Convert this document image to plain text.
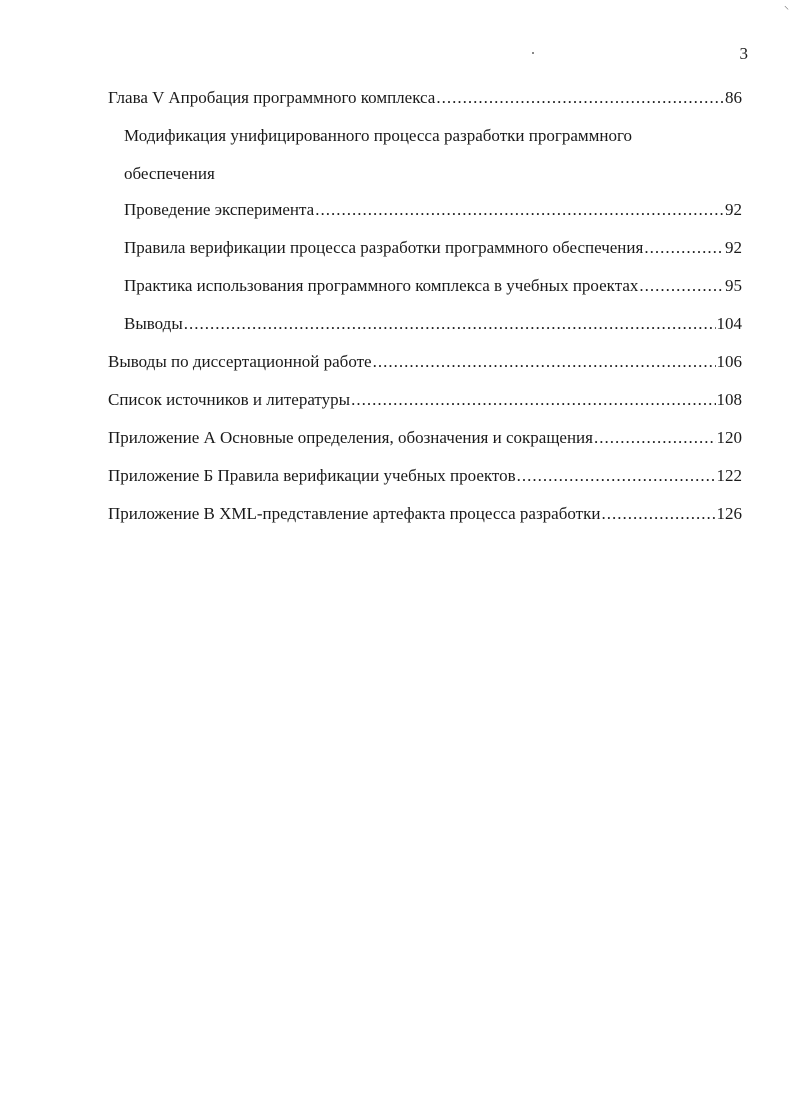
⸌
3
Глава V Апробация программного комплекса .....	86
Модификация унифицированного процесса разработки программного
обеспечения
.....
Проведение эксперимента .....	92
Правила верификации процесса разработки программного обеспечения .....	92
Практика использования программного комплекса в учебных проектах .....	95
Выводы .....	104
Выводы по диссертационной работе .....	106
Список источников и литературы .....	108
Приложение А Основные определения, обозначения и сокращения .....	120
Приложение Б Правила верификации учебных проектов .....	122
Приложение В XML-представление артефакта процесса разработки .....	126
